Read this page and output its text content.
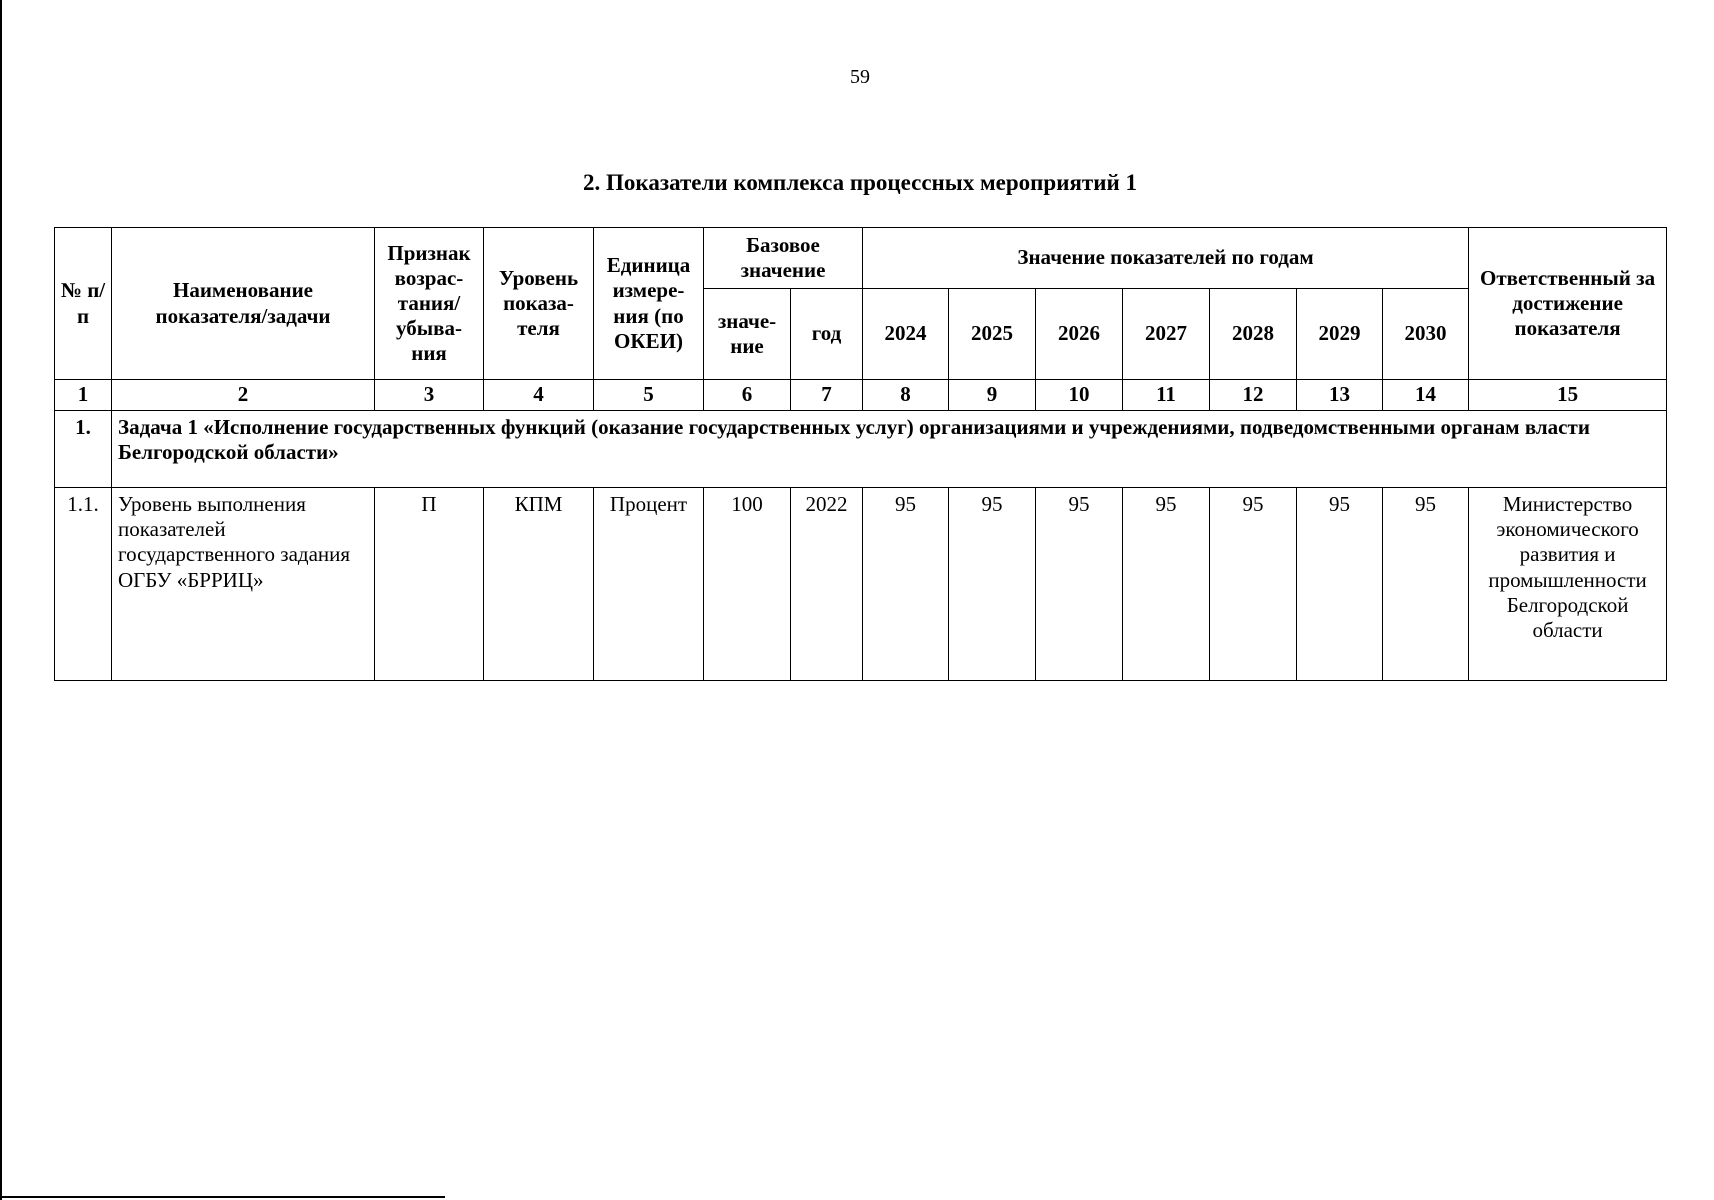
59
2. Показатели комплекса процессных мероприятий 1
№ п/п	Наименование показателя/задачи	Признак возрас-тания/ убыва-ния	Уровень показа-теля	Единица измере-ния (по ОКЕИ)	Базовое значение		Значение показателей по годам							Ответственный за достижение показателя
					значе-ние	год	2024	2025	2026	2027	2028	2029	2030	
1	2	3	4	5	6	7	8	9	10	11	12	13	14	15
1.	Задача 1 «Исполнение государственных функций (оказание государственных услуг) организациями и учреждениями, подведомственными органам власти Белгородской области»													
1.1.	Уровень выполнения показателей государственного задания ОГБУ «БРРИЦ»	П	КПМ	Процент	100	2022	95	95	95	95	95	95	95	Министерство экономического развития и промышленности Белгородской области
